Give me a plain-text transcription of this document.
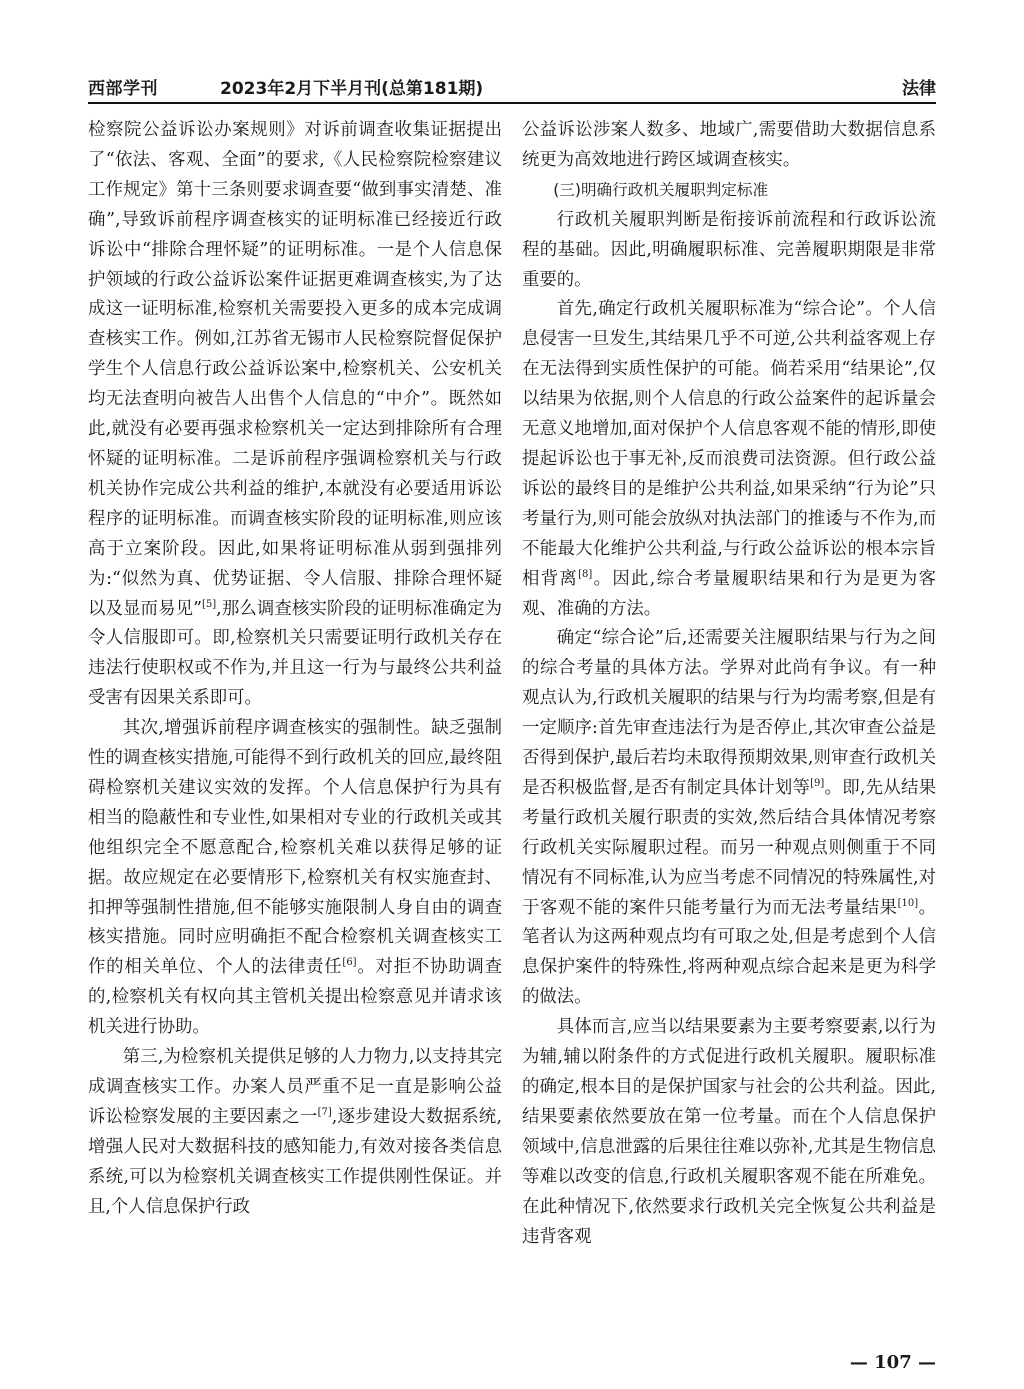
西部学刊	2023年2月下半月刊(总第181期)	法律

检察院公益诉讼办案规则》对诉前调查收集证据提出了“依法、客观、全面”的要求,《人民检察院检察建议工作规定》第十三条则要求调查要“做到事实清楚、准确”,导致诉前程序调查核实的证明标准已经接近行政诉讼中“排除合理怀疑”的证明标准。一是个人信息保护领域的行政公益诉讼案件证据更难调查核实,为了达成这一证明标准,检察机关需要投入更多的成本完成调查核实工作。例如,江苏省无锡市人民检察院督促保护学生个人信息行政公益诉讼案中,检察机关、公安机关均无法查明向被告人出售个人信息的“中介”。既然如此,就没有必要再强求检察机关一定达到排除所有合理怀疑的证明标准。二是诉前程序强调检察机关与行政机关协作完成公共利益的维护,本就没有必要适用诉讼程序的证明标准。而调查核实阶段的证明标准,则应该高于立案阶段。因此,如果将证明标准从弱到强排列为:“似然为真、优势证据、令人信服、排除合理怀疑以及显而易见”[5],那么调查核实阶段的证明标准确定为令人信服即可。即,检察机关只需要证明行政机关存在违法行使职权或不作为,并且这一行为与最终公共利益受害有因果关系即可。

其次,增强诉前程序调查核实的强制性。缺乏强制性的调查核实措施,可能得不到行政机关的回应,最终阻碍检察机关建议实效的发挥。个人信息保护行为具有相当的隐蔽性和专业性,如果相对专业的行政机关或其他组织完全不愿意配合,检察机关难以获得足够的证据。故应规定在必要情形下,检察机关有权实施查封、扣押等强制性措施,但不能够实施限制人身自由的调查核实措施。同时应明确拒不配合检察机关调查核实工作的相关单位、个人的法律责任[6]。对拒不协助调查的,检察机关有权向其主管机关提出检察意见并请求该机关进行协助。

第三,为检察机关提供足够的人力物力,以支持其完成调查核实工作。办案人员严重不足一直是影响公益诉讼检察发展的主要因素之一[7],逐步建设大数据系统,增强人民对大数据科技的感知能力,有效对接各类信息系统,可以为检察机关调查核实工作提供刚性保证。并且,个人信息保护行政

公益诉讼涉案人数多、地域广,需要借助大数据信息系统更为高效地进行跨区域调查核实。

(三)明确行政机关履职判定标准

行政机关履职判断是衔接诉前流程和行政诉讼流程的基础。因此,明确履职标准、完善履职期限是非常重要的。

首先,确定行政机关履职标准为“综合论”。个人信息侵害一旦发生,其结果几乎不可逆,公共利益客观上存在无法得到实质性保护的可能。倘若采用“结果论”,仅以结果为依据,则个人信息的行政公益案件的起诉量会无意义地增加,面对保护个人信息客观不能的情形,即使提起诉讼也于事无补,反而浪费司法资源。但行政公益诉讼的最终目的是维护公共利益,如果采纳“行为论”只考量行为,则可能会放纵对执法部门的推诿与不作为,而不能最大化维护公共利益,与行政公益诉讼的根本宗旨相背离[8]。因此,综合考量履职结果和行为是更为客观、准确的方法。

确定“综合论”后,还需要关注履职结果与行为之间的综合考量的具体方法。学界对此尚有争议。有一种观点认为,行政机关履职的结果与行为均需考察,但是有一定顺序:首先审查违法行为是否停止,其次审查公益是否得到保护,最后若均未取得预期效果,则审查行政机关是否积极监督,是否有制定具体计划等[9]。即,先从结果考量行政机关履行职责的实效,然后结合具体情况考察行政机关实际履职过程。而另一种观点则侧重于不同情况有不同标准,认为应当考虑不同情况的特殊属性,对于客观不能的案件只能考量行为而无法考量结果[10]。笔者认为这两种观点均有可取之处,但是考虑到个人信息保护案件的特殊性,将两种观点综合起来是更为科学的做法。

具体而言,应当以结果要素为主要考察要素,以行为为辅,辅以附条件的方式促进行政机关履职。履职标准的确定,根本目的是保护国家与社会的公共利益。因此,结果要素依然要放在第一位考量。而在个人信息保护领域中,信息泄露的后果往往难以弥补,尤其是生物信息等难以改变的信息,行政机关履职客观不能在所难免。在此种情况下,依然要求行政机关完全恢复公共利益是违背客观

— 107 —
